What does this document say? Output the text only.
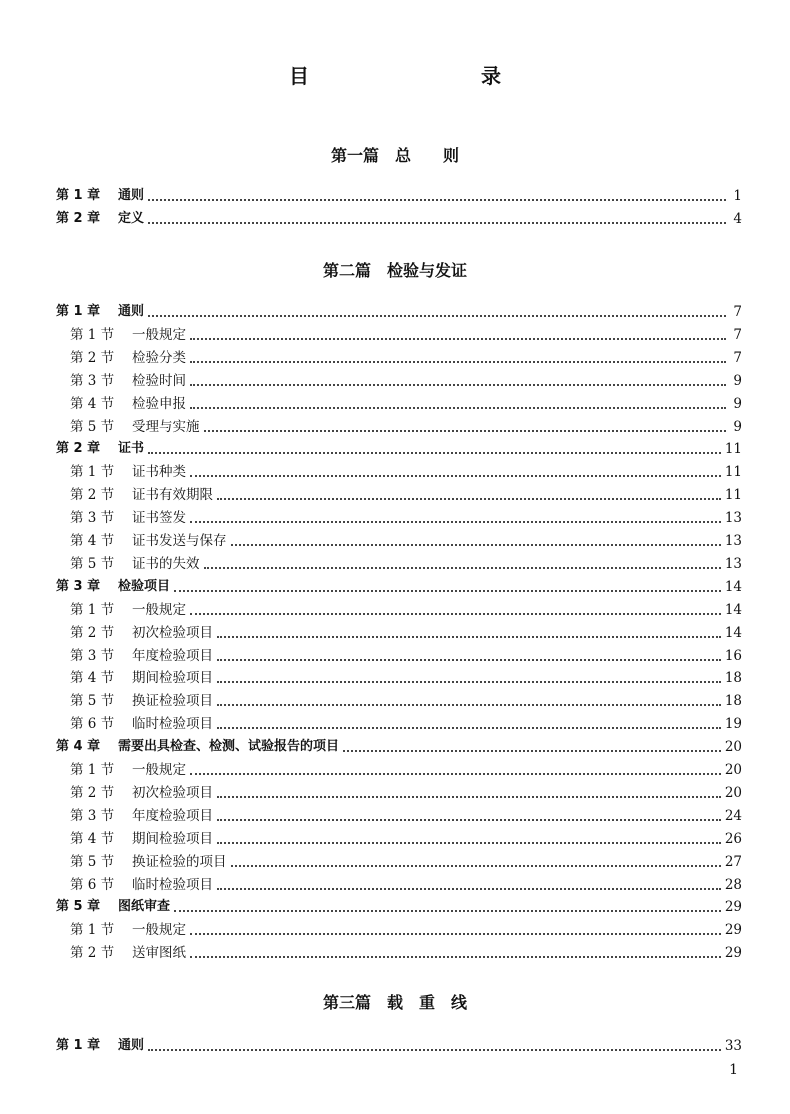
目　　录
第一篇　总　　则
第 1 章 通则	1
第 2 章 定义	4
第二篇　检验与发证
第 1 章 通则	7
第 1 节 一般规定	7
第 2 节 检验分类	7
第 3 节 检验时间	9
第 4 节 检验申报	9
第 5 节 受理与实施	9
第 2 章 证书	11
第 1 节 证书种类	11
第 2 节 证书有效期限	11
第 3 节 证书签发	13
第 4 节 证书发送与保存	13
第 5 节 证书的失效	13
第 3 章 检验项目	14
第 1 节 一般规定	14
第 2 节 初次检验项目	14
第 3 节 年度检验项目	16
第 4 节 期间检验项目	18
第 5 节 换证检验项目	18
第 6 节 临时检验项目	19
第 4 章 需要出具检查、检测、试验报告的项目	20
第 1 节 一般规定	20
第 2 节 初次检验项目	20
第 3 节 年度检验项目	24
第 4 节 期间检验项目	26
第 5 节 换证检验的项目	27
第 6 节 临时检验项目	28
第 5 章 图纸审查	29
第 1 节 一般规定	29
第 2 节 送审图纸	29
第三篇　载　重　线
第 1 章 通则	33
1
